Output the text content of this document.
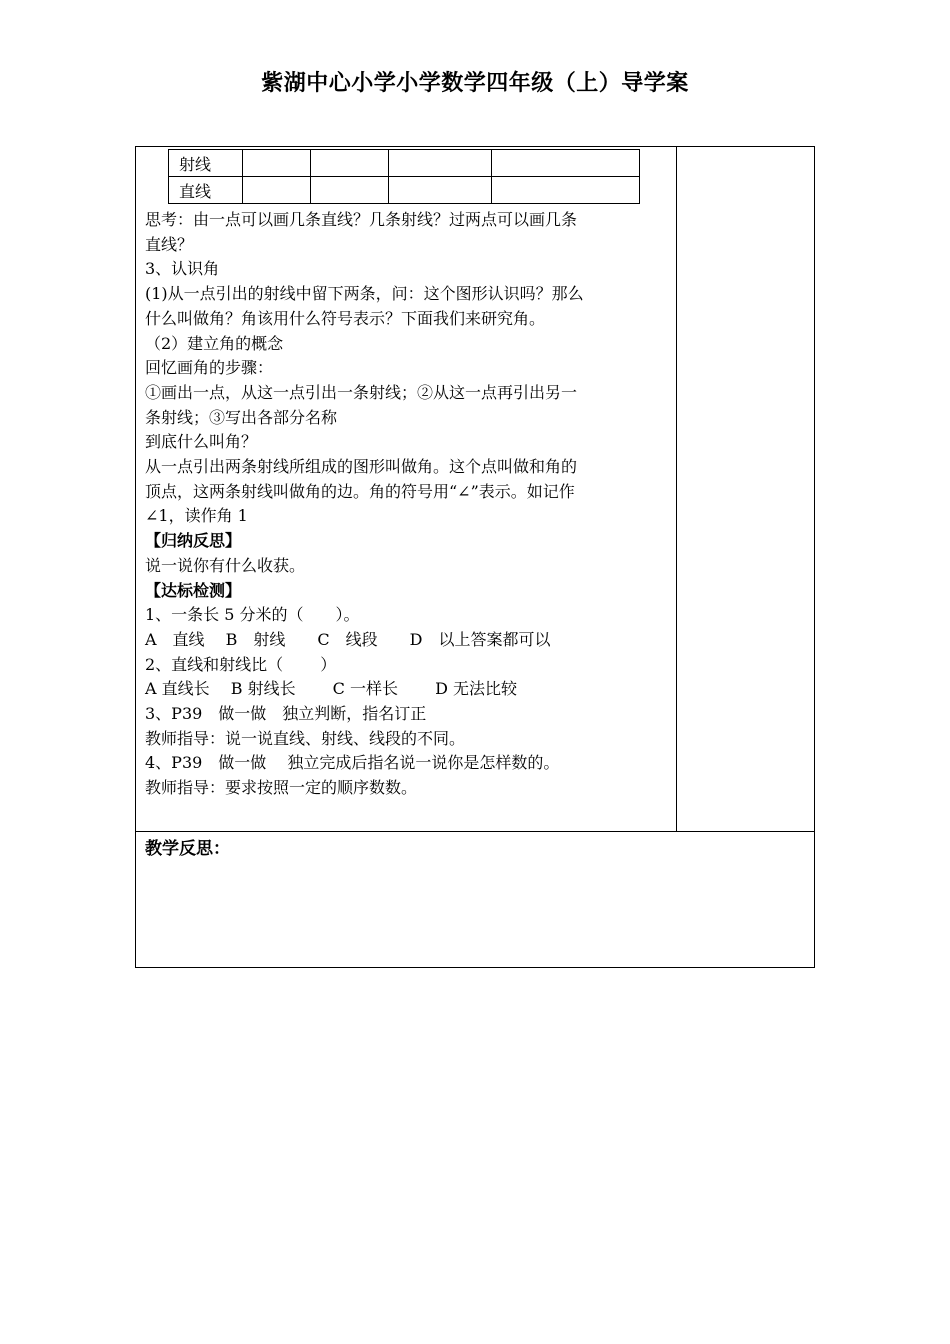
紫湖中心小学小学数学四年级（上）导学案
射线				
直线				

思考：由一点可以画几条直线？几条射线？过两点可以画几条

直线？

3、认识角

(1)从一点引出的射线中留下两条，问：这个图形认识吗？那么

什么叫做角？角该用什么符号表示？下面我们来研究角。

（2）建立角的概念

回忆画角的步骤：

①画出一点，从这一点引出一条射线；②从这一点再引出另一

条射线；③写出各部分名称

到底什么叫角？

从一点引出两条射线所组成的图形叫做角。这个点叫做和角的

顶点，这两条射线叫做角的边。角的符号用“∠”表示。如记作

∠1，读作角 1

【归纳反思】

说一说你有什么收获。

【达标检测】

1、一条长 5 分米的（　　）。

A　直线　 B　射线　　C　线段　　D　以上答案都可以

2、直线和射线比（　　 ）

A 直线长　 B 射线长　　 C 一样长　　 D 无法比较

3、P39　做一做　独立判断，指名订正

教师指导：说一说直线、射线、线段的不同。

4、P39　做一做　 独立完成后指名说一说你是怎样数的。

教师指导：要求按照一定的顺序数数。

教学反思：
